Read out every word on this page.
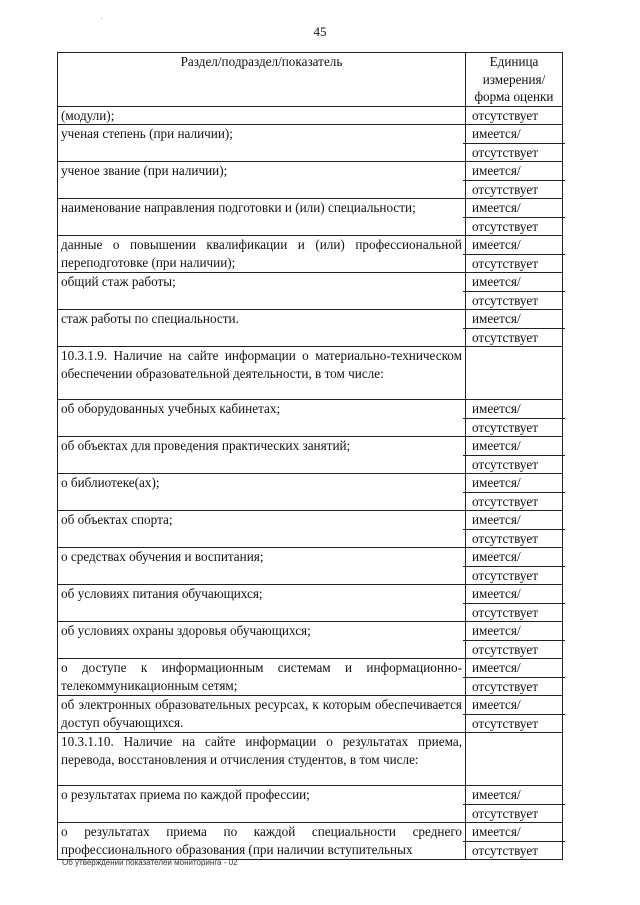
45
Раздел/подраздел/показатель	Единица измерения/ форма оценки
(модули);	отсутствует

ученая степень (при наличии);	имеется/
отсутствует

ученое звание (при наличии);	имеется/
отсутствует

наименование направления подготовки и (или) специальности;	имеется/
отсутствует

данные о повышении квалификации и (или) профессиональной переподготовке (при наличии);	имеется/
отсутствует

общий стаж работы;	имеется/
отсутствует

стаж работы по специальности.	имеется/
отсутствует

10.3.1.9. Наличие на сайте информации о материально-техническом обеспечении образовательной деятельности, в том числе:	
об оборудованных учебных кабинетах;	имеется/
отсутствует

об объектах для проведения практических занятий;	имеется/
отсутствует

о библиотеке(ах);	имеется/
отсутствует

об объектах спорта;	имеется/
отсутствует

о средствах обучения и воспитания;	имеется/
отсутствует

об условиях питания обучающихся;	имеется/
отсутствует

об условиях охраны здоровья обучающихся;	имеется/
отсутствует

о доступе к информационным системам и информационно-телекоммуникационным сетям;	имеется/
отсутствует

об электронных образовательных ресурсах, к которым обеспечивается доступ обучающихся.	имеется/
отсутствует

10.3.1.10. Наличие на сайте информации о результатах приема, перевода, восстановления и отчисления студентов, в том числе:	
о результатах приема по каждой профессии;	имеется/
отсутствует

о результатах приема по каждой специальности среднего профессионального образования (при наличии вступительных	имеется/
отсутствует
Об утверждении показателей мониторинга - 02
